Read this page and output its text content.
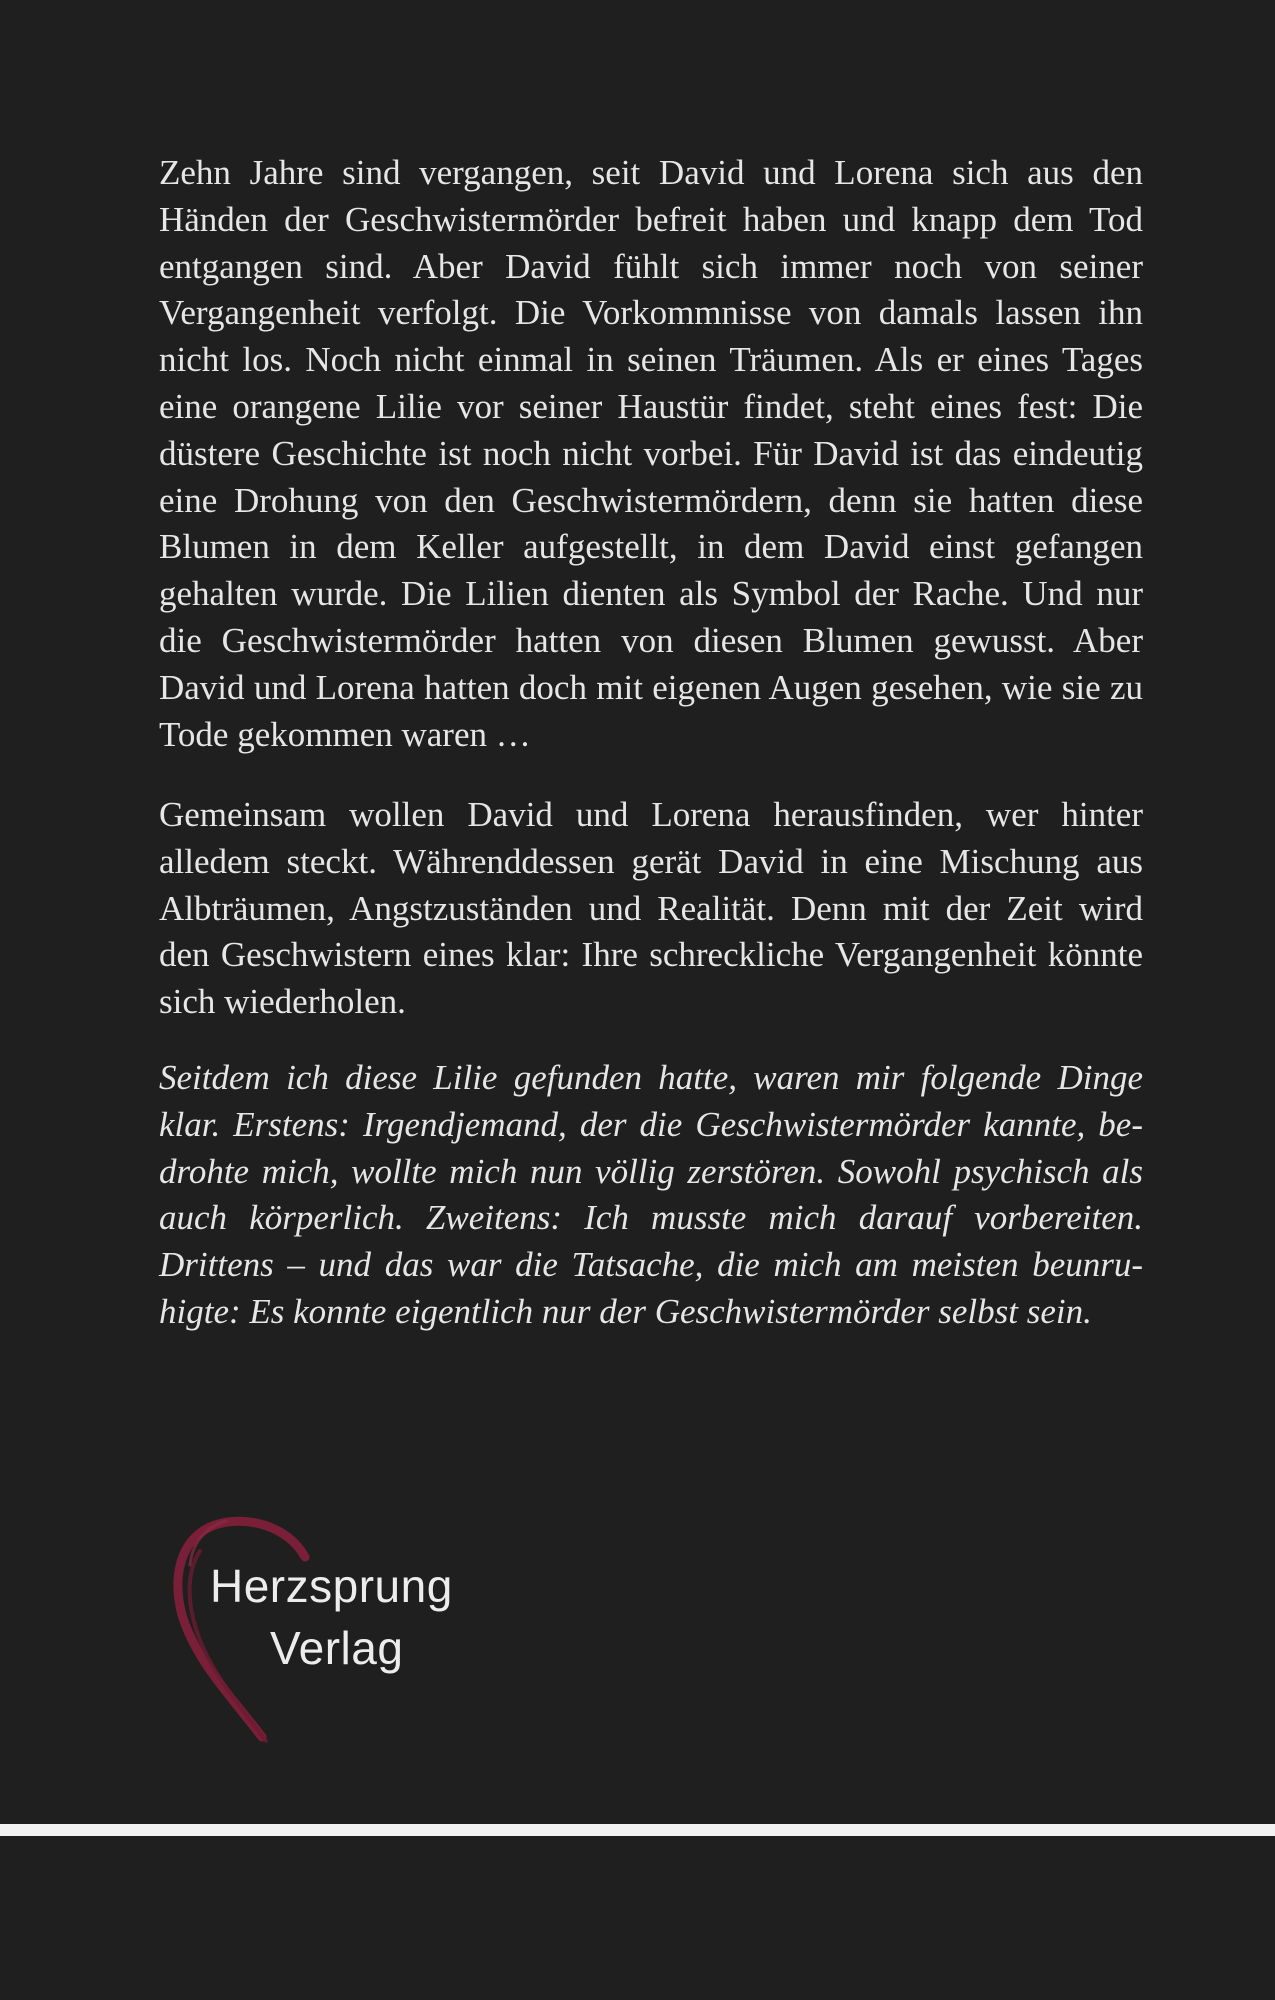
Zehn Jahre sind vergangen, seit David und Lorena sich aus den Händen der Geschwistermörder befreit haben und knapp dem Tod entgangen sind. Aber David fühlt sich immer noch von seiner Vergangenheit verfolgt. Die Vorkommnisse von damals lassen ihn nicht los. Noch nicht einmal in seinen Träumen. Als er eines Tages eine orangene Lilie vor seiner Haustür findet, steht eines fest: Die düstere Geschichte ist noch nicht vorbei. Für David ist das eindeutig eine Drohung von den Geschwistermördern, denn sie hatten diese Blumen in dem Keller aufgestellt, in dem David einst gefangen gehalten wurde. Die Lilien dienten als Symbol der Rache. Und nur die Geschwistermörder hatten von diesen Blumen gewusst. Aber David und Lorena hatten doch mit eigenen Augen gesehen, wie sie zu Tode gekommen waren …

Gemeinsam wollen David und Lorena herausfinden, wer hinter alledem steckt. Währenddessen gerät David in eine Mischung aus Albträumen, Angstzuständen und Realität. Denn mit der Zeit wird den Geschwistern eines klar: Ihre schreckliche Vergangenheit könnte sich wiederholen.

Seitdem ich diese Lilie gefunden hatte, waren mir folgende Dinge klar. Erstens: Irgendjemand, der die Geschwistermörder kannte, bedrohte mich, wollte mich nun völlig zerstören. Sowohl psychisch als auch körperlich. Zweitens: Ich musste mich darauf vorbereiten. Drittens – und das war die Tatsache, die mich am meisten beunruhigte: Es konnte eigentlich nur der Geschwistermörder selbst sein.

Herzsprung
Verlag
